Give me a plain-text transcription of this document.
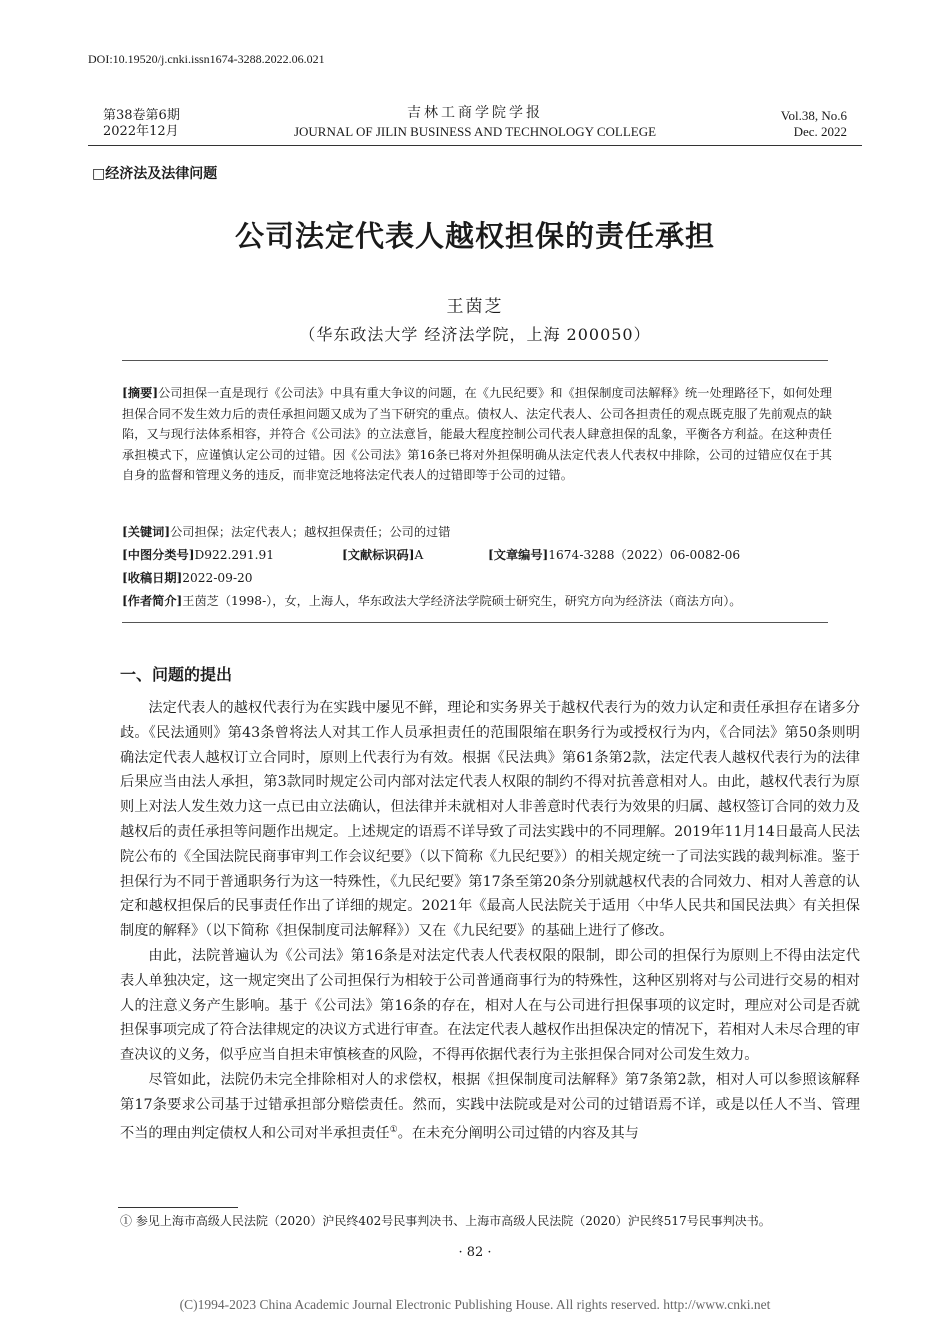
DOI:10.19520/j.cnki.issn1674-3288.2022.06.021
第38卷第6期
2022年12月
吉林工商学院学报
JOURNAL OF JILIN BUSINESS AND TECHNOLOGY COLLEGE
Vol.38, No.6
Dec. 2022
□经济法及法律问题
公司法定代表人越权担保的责任承担
王茵芝
（华东政法大学 经济法学院，上海 200050）
[摘要]公司担保一直是现行《公司法》中具有重大争议的问题，在《九民纪要》和《担保制度司法解释》统一处理路径下，如何处理担保合同不发生效力后的责任承担问题又成为了当下研究的重点。债权人、法定代表人、公司各担责任的观点既克服了先前观点的缺陷，又与现行法体系相容，并符合《公司法》的立法意旨，能最大程度控制公司代表人肆意担保的乱象，平衡各方利益。在这种责任承担模式下，应谨慎认定公司的过错。因《公司法》第16条已将对外担保明确从法定代表人代表权中排除，公司的过错应仅在于其自身的监督和管理义务的违反，而非宽泛地将法定代表人的过错即等于公司的过错。
[关键词]公司担保；法定代表人；越权担保责任；公司的过错
[中图分类号]D922.291.91	[文献标识码]A	[文章编号]1674-3288（2022）06-0082-06
[收稿日期]2022-09-20
[作者简介]王茵芝（1998-），女，上海人，华东政法大学经济法学院硕士研究生，研究方向为经济法（商法方向）。
一、问题的提出

法定代表人的越权代表行为在实践中屡见不鲜，理论和实务界关于越权代表行为的效力认定和责任承担存在诸多分歧。《民法通则》第43条曾将法人对其工作人员承担责任的范围限缩在职务行为或授权行为内，《合同法》第50条则明确法定代表人越权订立合同时，原则上代表行为有效。根据《民法典》第61条第2款，法定代表人越权代表行为的法律后果应当由法人承担，第3款同时规定公司内部对法定代表人权限的制约不得对抗善意相对人。由此，越权代表行为原则上对法人发生效力这一点已由立法确认，但法律并未就相对人非善意时代表行为效果的归属、越权签订合同的效力及越权后的责任承担等问题作出规定。上述规定的语焉不详导致了司法实践中的不同理解。2019年11月14日最高人民法院公布的《全国法院民商事审判工作会议纪要》（以下简称《九民纪要》）的相关规定统一了司法实践的裁判标准。鉴于担保行为不同于普通职务行为这一特殊性，《九民纪要》第17条至第20条分别就越权代表的合同效力、相对人善意的认定和越权担保后的民事责任作出了详细的规定。2021年《最高人民法院关于适用〈中华人民共和国民法典〉有关担保制度的解释》（以下简称《担保制度司法解释》）又在《九民纪要》的基础上进行了修改。

由此，法院普遍认为《公司法》第16条是对法定代表人代表权限的限制，即公司的担保行为原则上不得由法定代表人单独决定，这一规定突出了公司担保行为相较于公司普通商事行为的特殊性，这种区别将对与公司进行交易的相对人的注意义务产生影响。基于《公司法》第16条的存在，相对人在与公司进行担保事项的议定时，理应对公司是否就担保事项完成了符合法律规定的决议方式进行审查。在法定代表人越权作出担保决定的情况下，若相对人未尽合理的审查决议的义务，似乎应当自担未审慎核查的风险，不得再依据代表行为主张担保合同对公司发生效力。

尽管如此，法院仍未完全排除相对人的求偿权，根据《担保制度司法解释》第7条第2款，相对人可以参照该解释第17条要求公司基于过错承担部分赔偿责任。然而，实践中法院或是对公司的过错语焉不详，或是以任人不当、管理不当的理由判定债权人和公司对半承担责任①。在未充分阐明公司过错的内容及其与

① 参见上海市高级人民法院（2020）沪民终402号民事判决书、上海市高级人民法院（2020）沪民终517号民事判决书。
· 82 ·
(C)1994-2023 China Academic Journal Electronic Publishing House. All rights reserved. http://www.cnki.net
